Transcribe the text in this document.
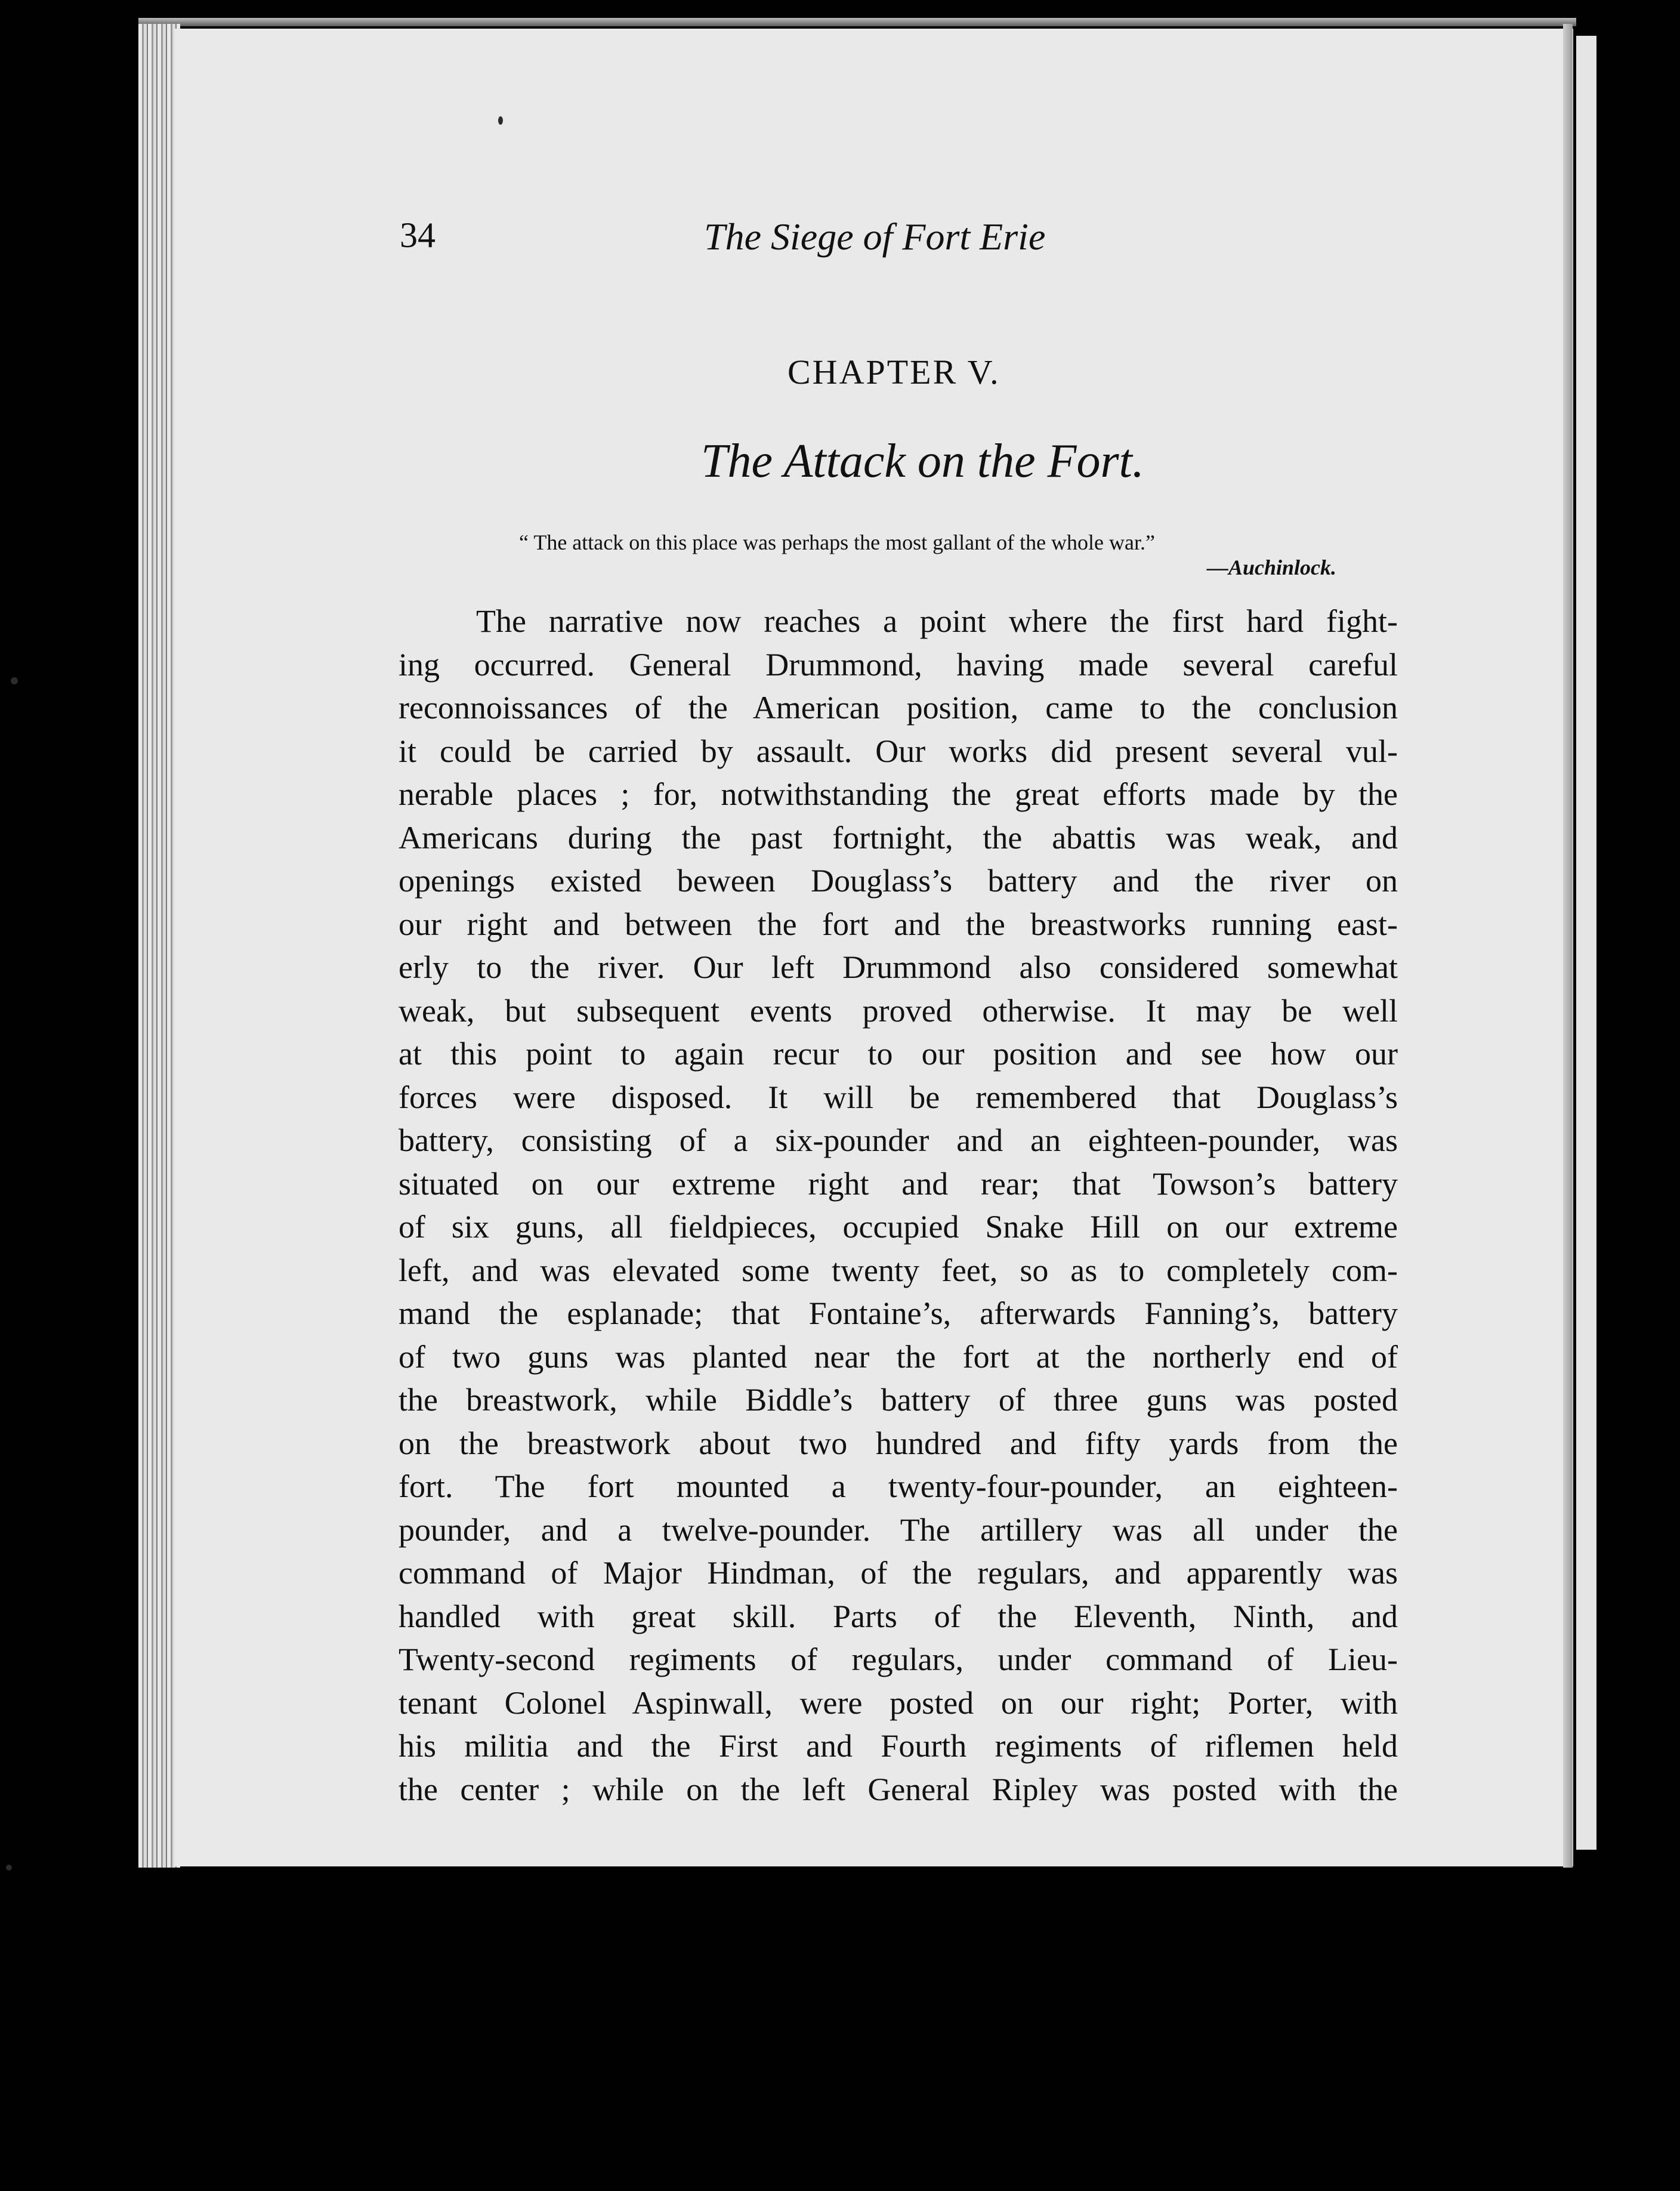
34	The Siege of Fort Erie
CHAPTER V.
The Attack on the Fort.
“ The attack on this place was perhaps the most gallant of the whole war.”
—Auchinlock.
The narrative now reaches a point where the first hard fight-
ing occurred. General Drummond, having made several careful
reconnoissances of the American position, came to the conclusion
it could be carried by assault. Our works did present several vul-
nerable places ; for, notwithstanding the great efforts made by the
Americans during the past fortnight, the abattis was weak, and
openings existed beween Douglass’s battery and the river on
our right and between the fort and the breastworks running east-
erly to the river. Our left Drummond also considered somewhat
weak, but subsequent events proved otherwise. It may be well
at this point to again recur to our position and see how our
forces were disposed. It will be remembered that Douglass’s
battery, consisting of a six-pounder and an eighteen-pounder, was
situated on our extreme right and rear; that Towson’s battery
of six guns, all fieldpieces, occupied Snake Hill on our extreme
left, and was elevated some twenty feet, so as to completely com-
mand the esplanade; that Fontaine’s, afterwards Fanning’s, battery
of two guns was planted near the fort at the northerly end of
the breastwork, while Biddle’s battery of three guns was posted
on the breastwork about two hundred and fifty yards from the
fort. The fort mounted a twenty-four-pounder, an eighteen-
pounder, and a twelve-pounder. The artillery was all under the
command of Major Hindman, of the regulars, and apparently was
handled with great skill. Parts of the Eleventh, Ninth, and
Twenty-second regiments of regulars, under command of Lieu-
tenant Colonel Aspinwall, were posted on our right; Porter, with
his militia and the First and Fourth regiments of riflemen held
the center ; while on the left General Ripley was posted with the
